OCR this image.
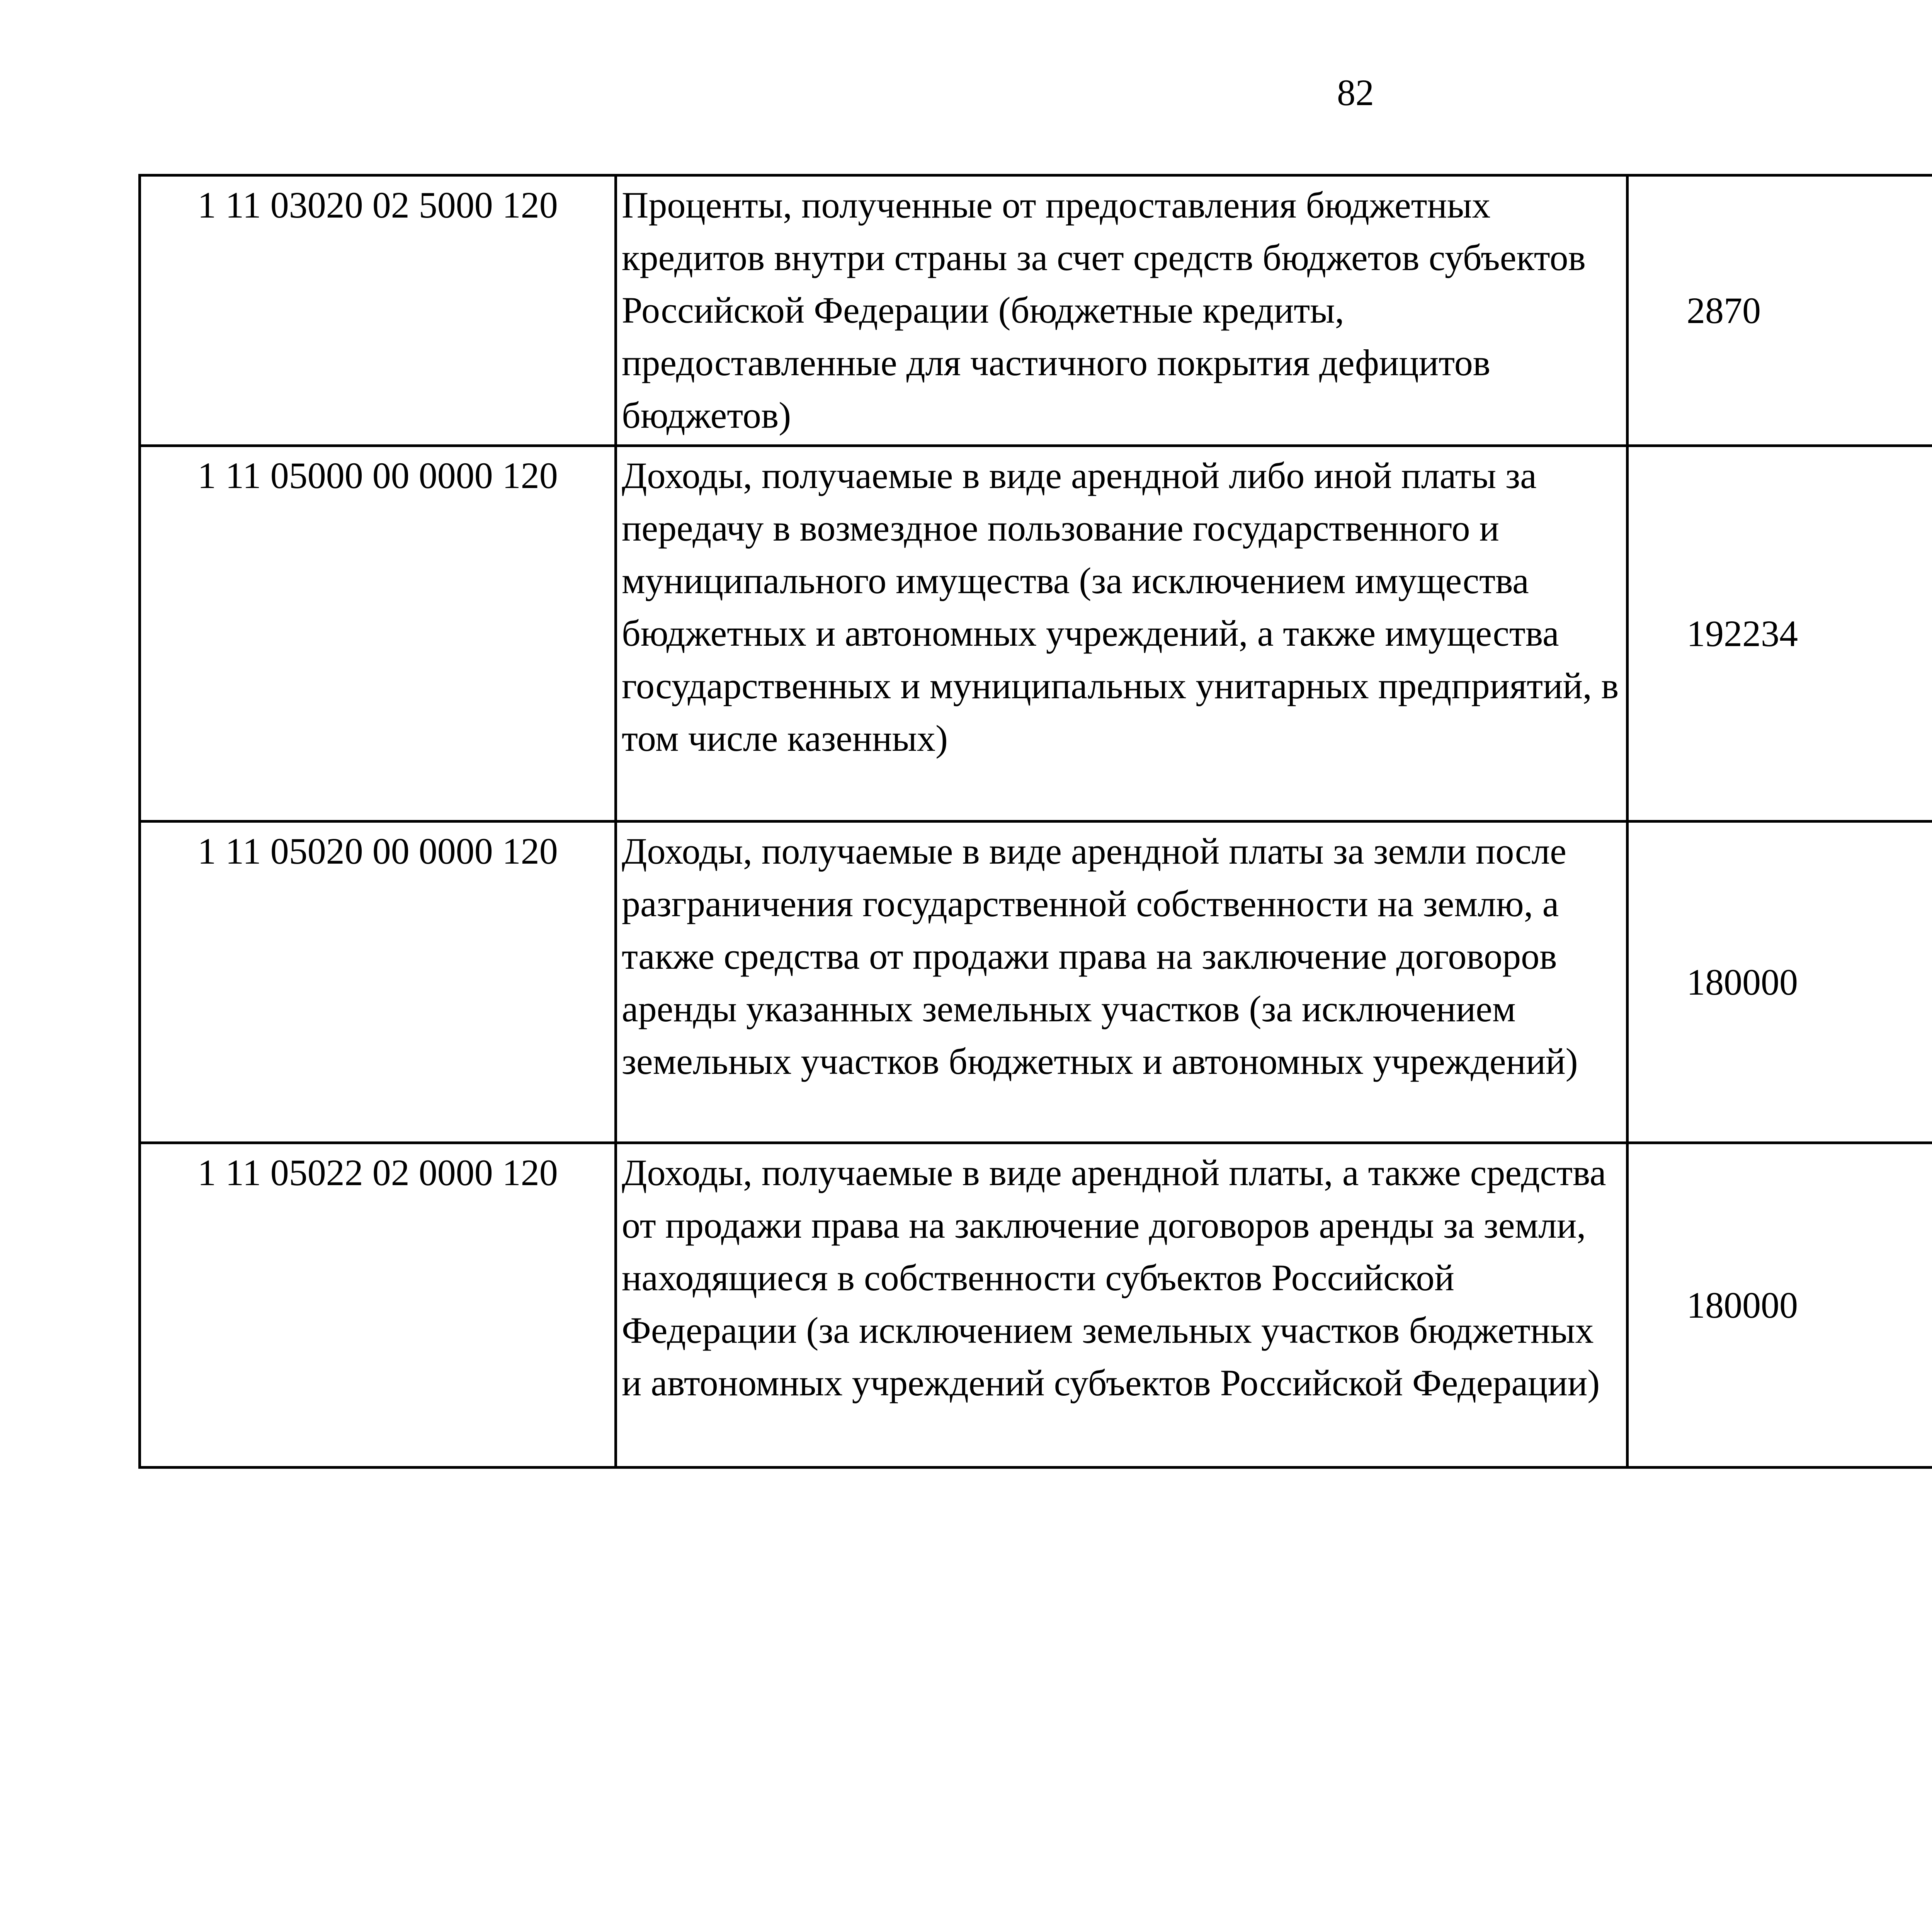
82
1 11 03020 02 5000 120	Проценты, полученные от предоставления бюджетных кредитов внутри страны за счет средств бюджетов субъектов Российской Федерации (бюджетные кредиты, предоставленные для частичного покрытия дефицитов бюджетов)	2870		
1 11 05000 00 0000 120	Доходы, получаемые в виде арендной либо иной платы за передачу в возмездное пользование государственного и муниципального имущества (за исключением имущества бюджетных и автономных учреждений, а также имущества государственных и муниципальных унитарных предприятий, в том числе казенных)	192234		
1 11 05020 00 0000 120	Доходы, получаемые в виде арендной платы за земли после разграничения государственной собственности на землю, а также средства от продажи права на заключение договоров аренды указанных земельных участков (за исключением земельных участков бюджетных и автономных учреждений)	180000		
1 11 05022 02 0000 120	Доходы, получаемые в виде арендной платы, а также средства от продажи права на заключение договоров аренды за земли, находящиеся в собственности субъектов Российской Федерации (за исключением земельных участков бюджетных и автономных учреждений субъектов Российской Федерации)	180000		
